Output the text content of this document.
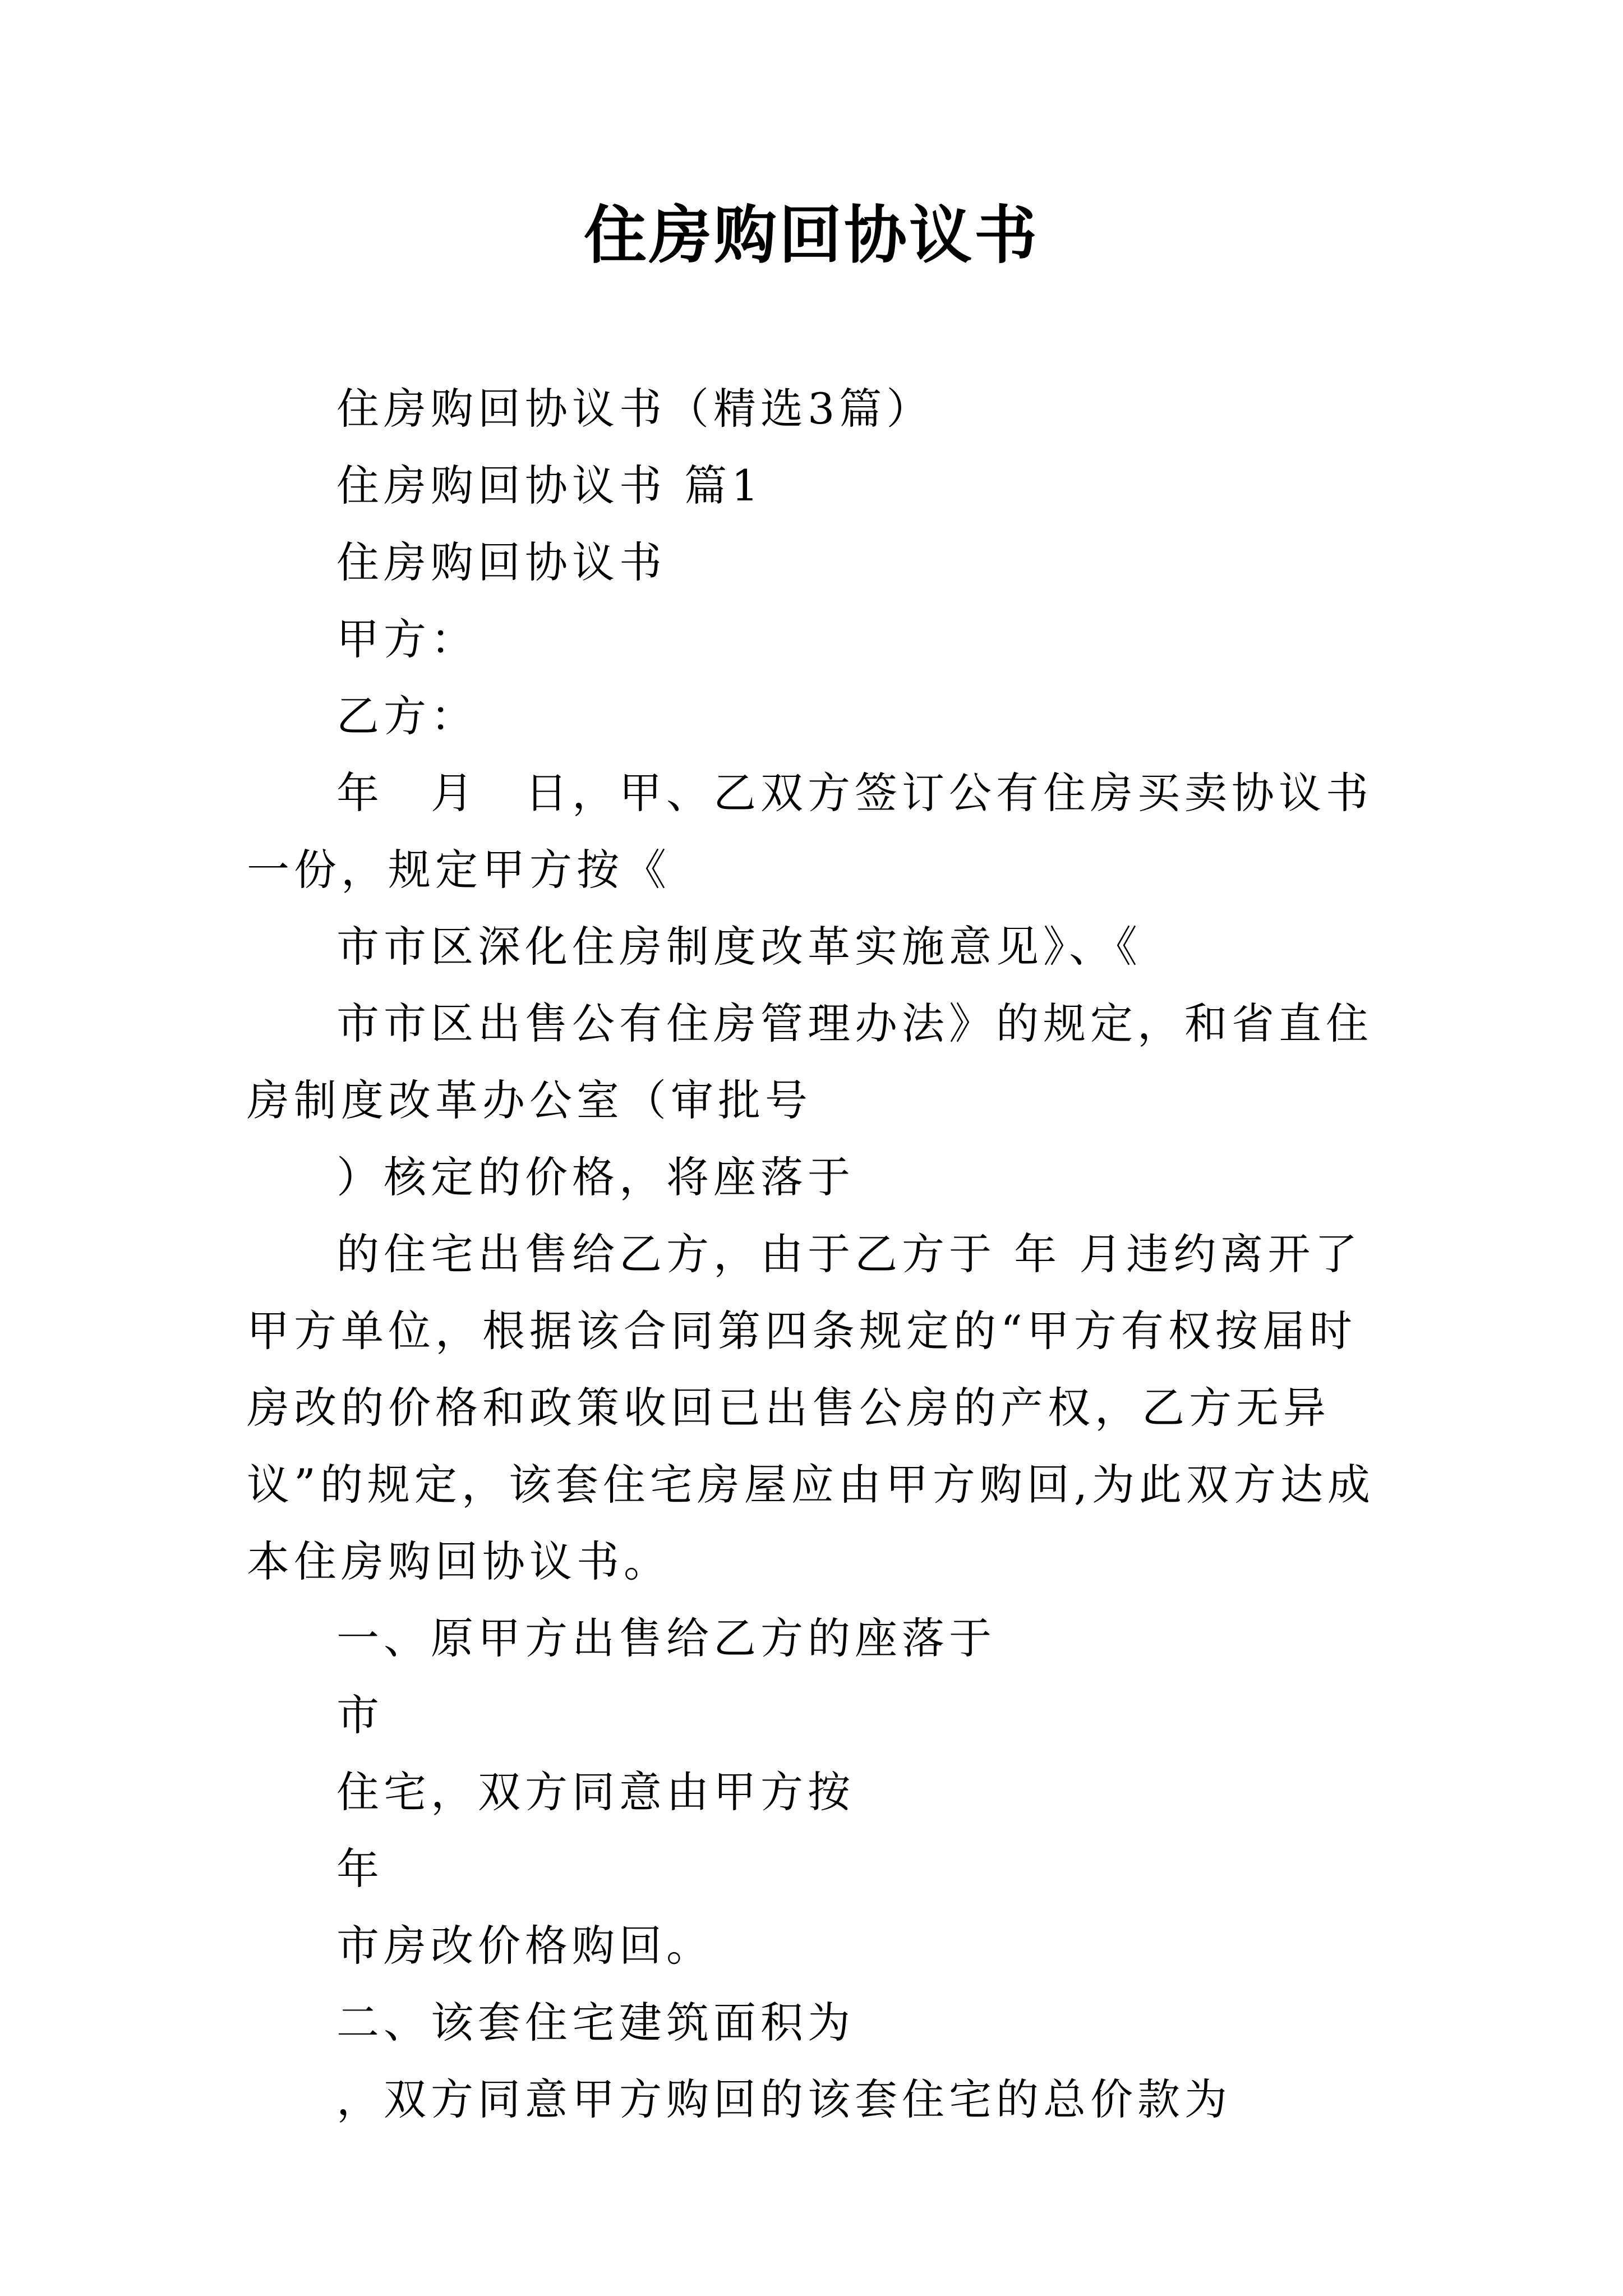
住房购回协议书

住房购回协议书（精选3篇）

住房购回协议书 篇1

住房购回协议书

甲方：

乙方：

年　月　日，甲、乙双方签订公有住房买卖协议书一份，规定甲方按《

市市区深化住房制度改革实施意见》、《

市市区出售公有住房管理办法》的规定，和省直住房制度改革办公室（审批号

）核定的价格，将座落于

的住宅出售给乙方，由于乙方于 年 月违约离开了甲方单位，根据该合同第四条规定的“甲方有权按届时房改的价格和政策收回已出售公房的产权，乙方无异议”的规定，该套住宅房屋应由甲方购回,为此双方达成本住房购回协议书。

一、原甲方出售给乙方的座落于

市

住宅，双方同意由甲方按

年

市房改价格购回。

二、该套住宅建筑面积为

，双方同意甲方购回的该套住宅的总价款为
